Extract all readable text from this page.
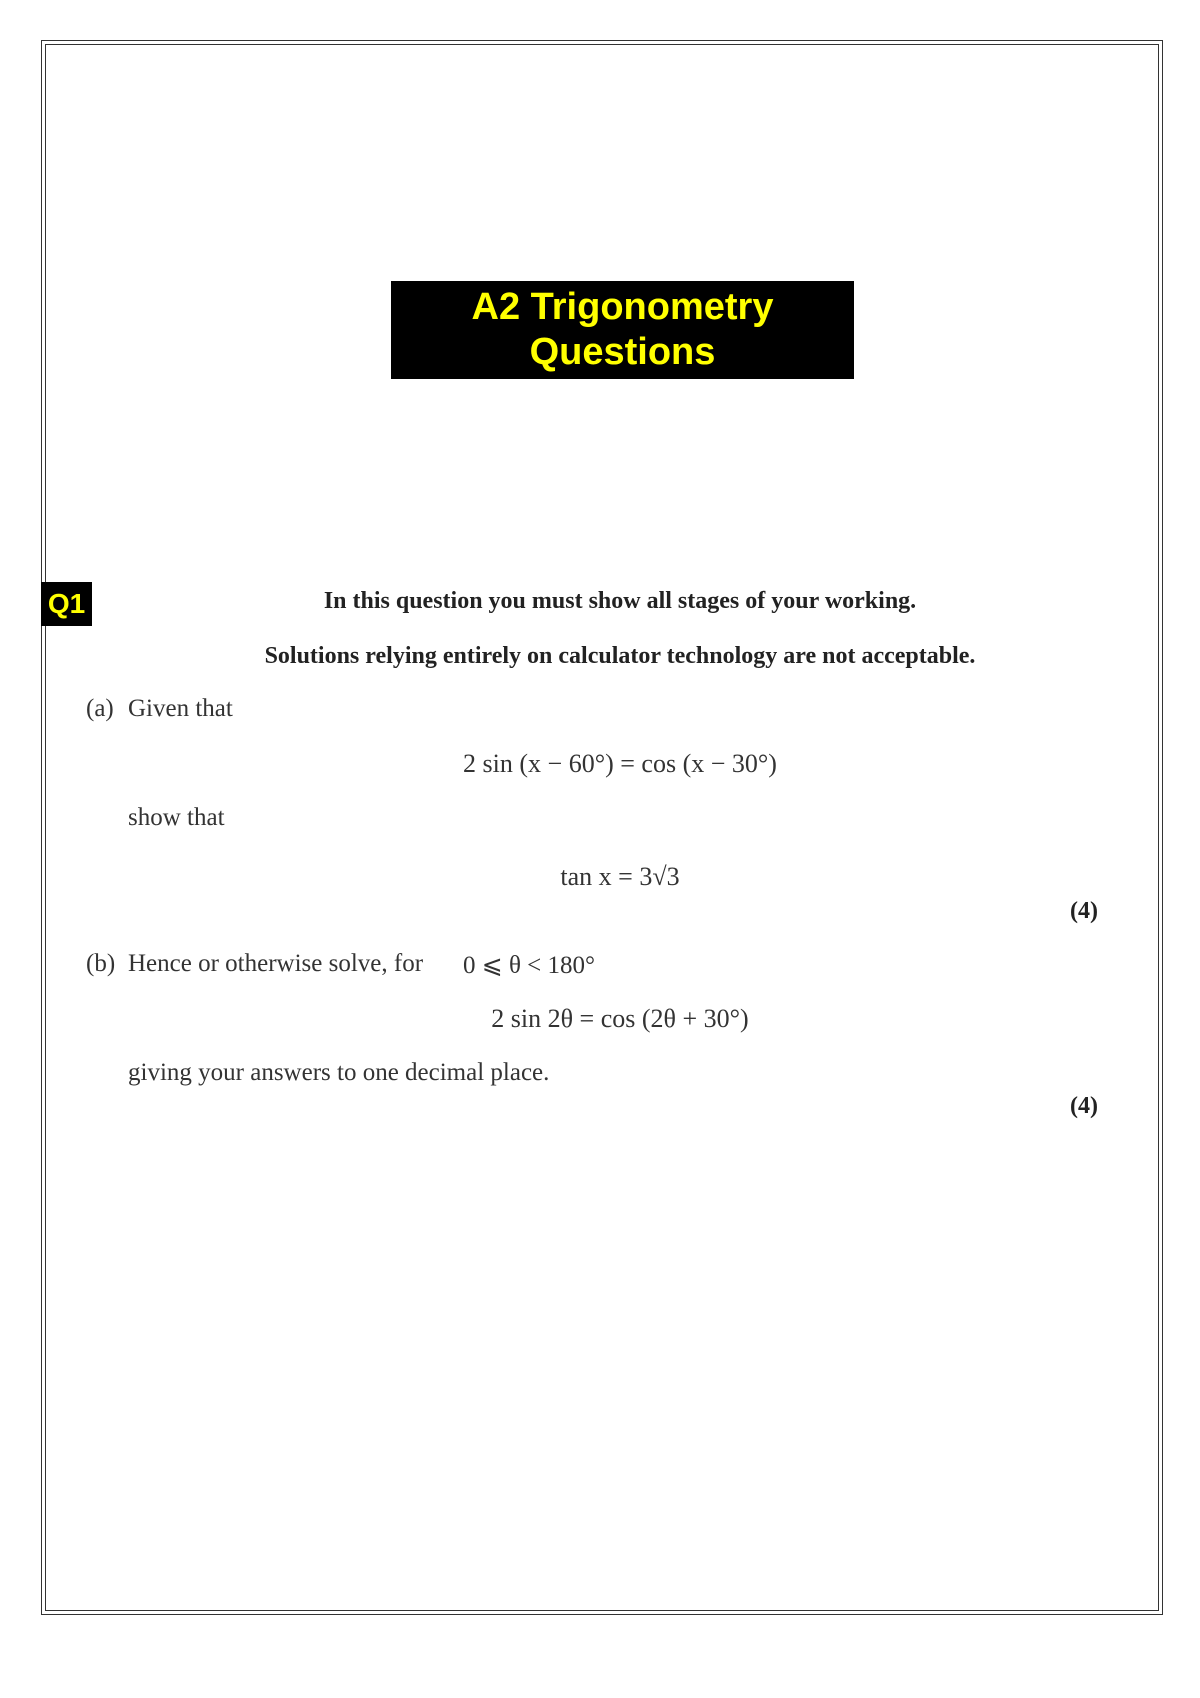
A2 Trigonometry
Questions
Q1	In this question you must show all stages of your working.
Solutions relying entirely on calculator technology are not acceptable.
(a) Given that
2 sin (x − 60°) = cos (x − 30°)
show that
tan x = 3√3
(4)
(b) Hence or otherwise solve, for 0 ⩽ θ < 180°
2 sin 2θ = cos (2θ + 30°)
giving your answers to one decimal place.
(4)
